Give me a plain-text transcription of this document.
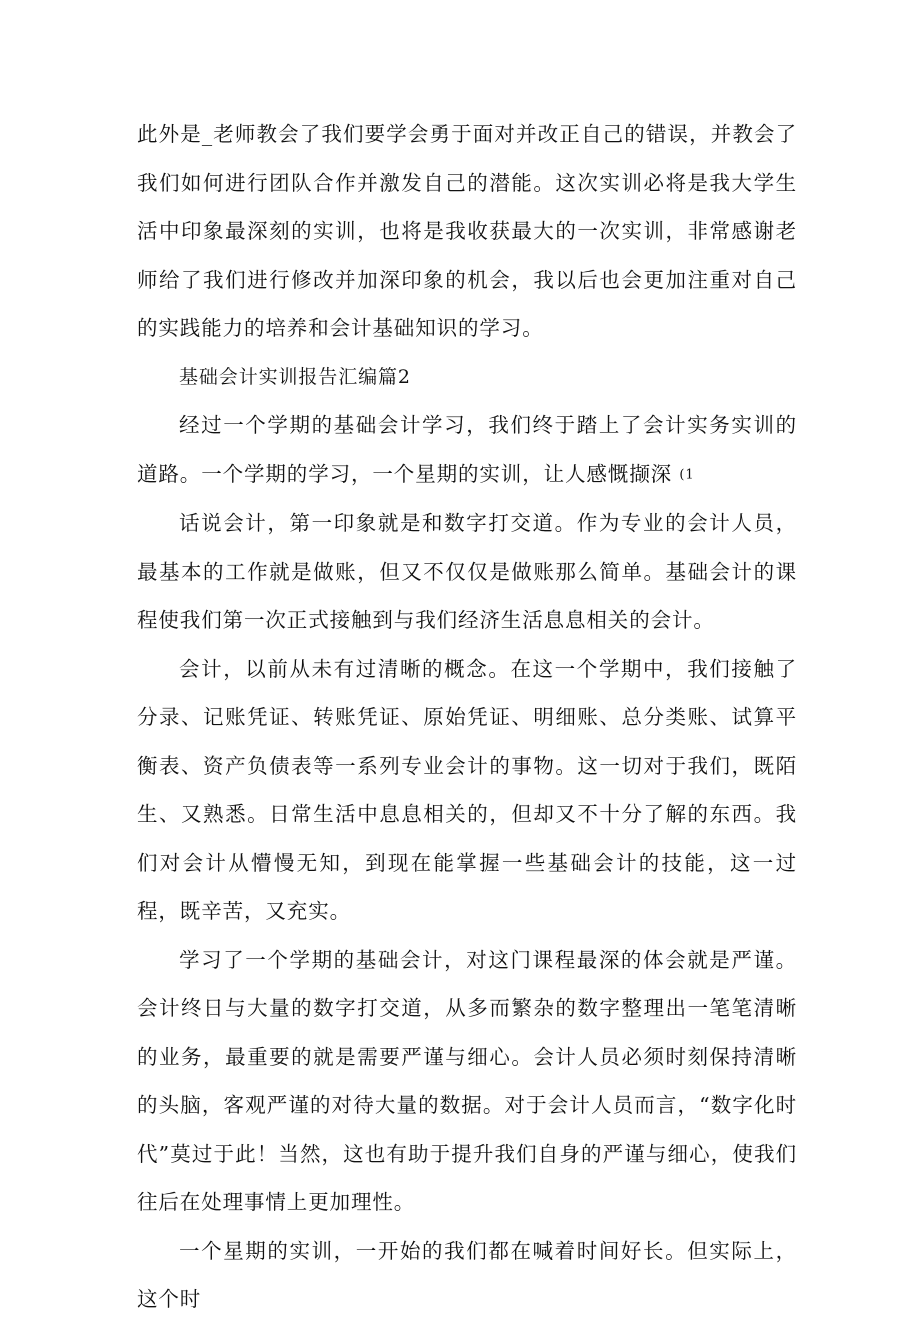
此外是_老师教会了我们要学会勇于面对并改正自己的错误，并教会了我们如何进行团队合作并激发自己的潜能。这次实训必将是我大学生活中印象最深刻的实训，也将是我收获最大的一次实训，非常感谢老师给了我们进行修改并加深印象的机会，我以后也会更加注重对自己的实践能力的培养和会计基础知识的学习。

基础会计实训报告汇编篇2

经过一个学期的基础会计学习，我们终于踏上了会计实务实训的道路。一个学期的学习，一个星期的实训，让人感慨撷深 (1

话说会计，第一印象就是和数字打交道。作为专业的会计人员，最基本的工作就是做账，但又不仅仅是做账那么简单。基础会计的课程使我们第一次正式接触到与我们经济生活息息相关的会计。

会计，以前从未有过清晰的概念。在这一个学期中，我们接触了分录、记账凭证、转账凭证、原始凭证、明细账、总分类账、试算平衡表、资产负债表等一系列专业会计的事物。这一切对于我们，既陌生、又熟悉。日常生活中息息相关的，但却又不十分了解的东西。我们对会计从懵慢无知，到现在能掌握一些基础会计的技能，这一过程，既辛苦，又充实。

学习了一个学期的基础会计，对这门课程最深的体会就是严谨。会计终日与大量的数字打交道，从多而繁杂的数字整理出一笔笔清晰的业务，最重要的就是需要严谨与细心。会计人员必须时刻保持清晰的头脑，客观严谨的对待大量的数据。对于会计人员而言，“数字化时代”莫过于此！当然，这也有助于提升我们自身的严谨与细心，使我们往后在处理事情上更加理性。

一个星期的实训，一开始的我们都在喊着时间好长。但实际上，这个时
